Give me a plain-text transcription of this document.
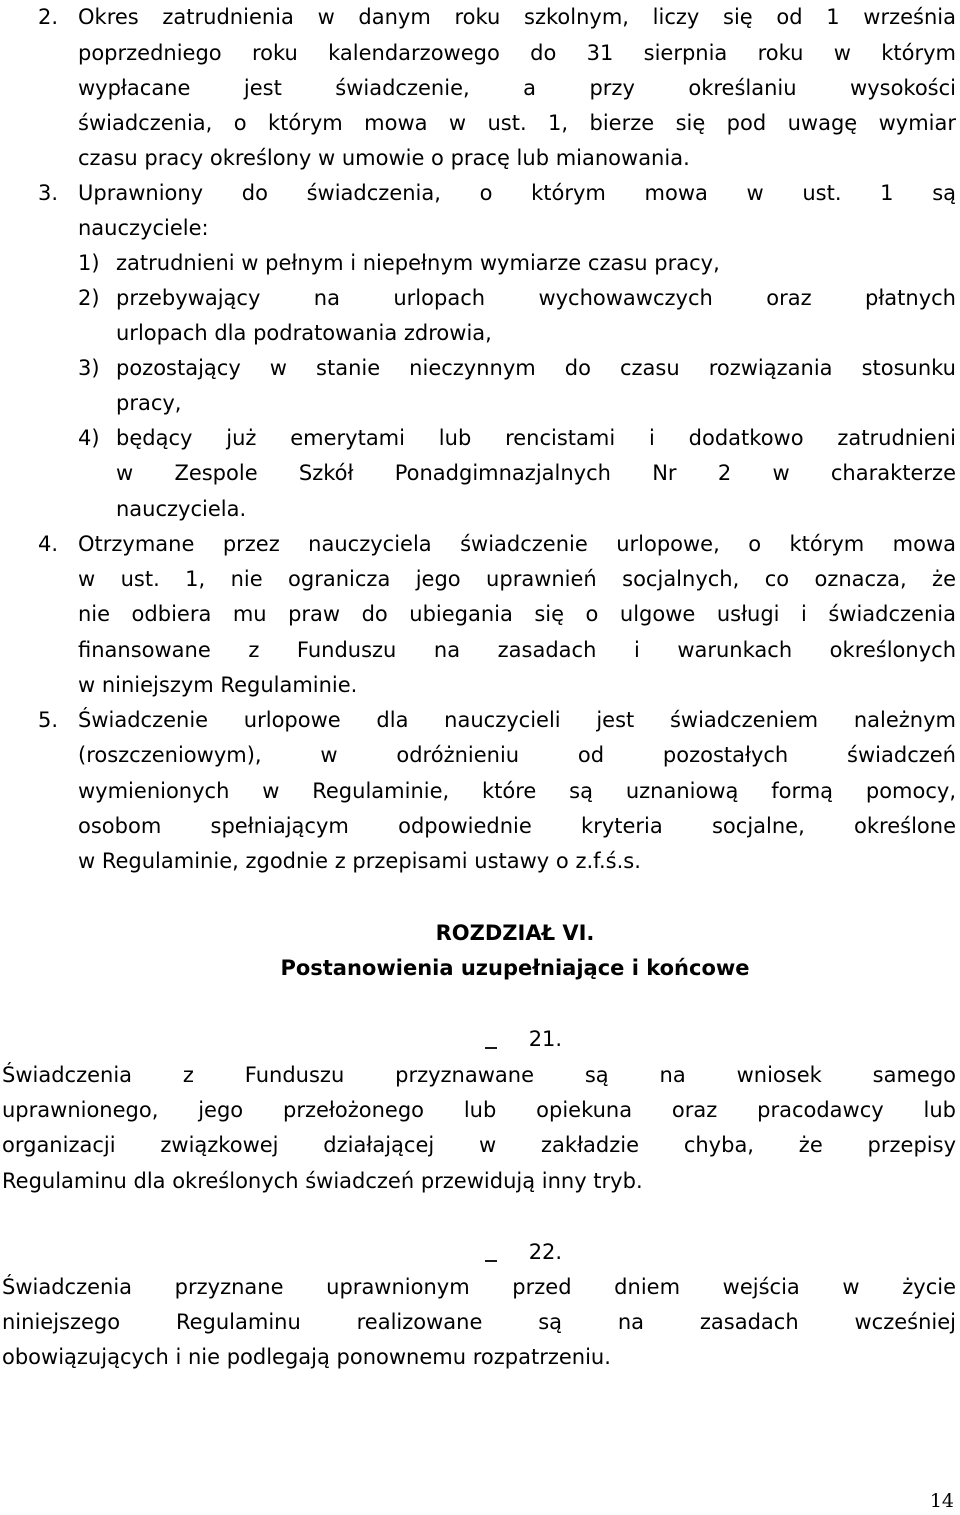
2. Okres zatrudnienia w danym roku szkolnym, liczy się od 1 września
poprzedniego roku kalendarzowego do 31 sierpnia roku w którym
wypłacane jest świadczenie, a przy określaniu wysokości
świadczenia, o którym mowa w ust. 1, bierze się pod uwagę wymiar
czasu pracy określony w umowie o pracę lub mianowania.
3. Uprawniony do świadczenia, o którym mowa w ust. 1 są
nauczyciele:
1) zatrudnieni w pełnym i niepełnym wymiarze czasu pracy,
2) przebywający na urlopach wychowawczych oraz płatnych
urlopach dla podratowania zdrowia,
3) pozostający w stanie nieczynnym do czasu rozwiązania stosunku
pracy,
4) będący już emerytami lub rencistami i dodatkowo zatrudnieni
w Zespole Szkół Ponadgimnazjalnych Nr 2 w charakterze
nauczyciela.
4. Otrzymane przez nauczyciela świadczenie urlopowe, o którym mowa
w ust. 1, nie ogranicza jego uprawnień socjalnych, co oznacza, że
nie odbiera mu praw do ubiegania się o ulgowe usługi i świadczenia
finansowane z Funduszu na zasadach i warunkach określonych
w niniejszym Regulaminie.
5. Świadczenie urlopowe dla nauczycieli jest świadczeniem należnym
(roszczeniowym), w odróżnieniu od pozostałych świadczeń
wymienionych w Regulaminie, które są uznaniową formą pomocy,
osobom spełniającym odpowiednie kryteria socjalne, określone
w Regulaminie, zgodnie z przepisami ustawy o z.f.ś.s.
ROZDZIAŁ VI.
Postanowienia uzupełniające i końcowe
21.
Świadczenia z Funduszu przyznawane są na wniosek samego
uprawnionego, jego przełożonego lub opiekuna oraz pracodawcy lub
organizacji związkowej działającej w zakładzie chyba, że przepisy
Regulaminu dla określonych świadczeń przewidują inny tryb.
22.
Świadczenia przyznane uprawnionym przed dniem wejścia w życie
niniejszego Regulaminu realizowane są na zasadach wcześniej
obowiązujących i nie podlegają ponownemu rozpatrzeniu.
14
